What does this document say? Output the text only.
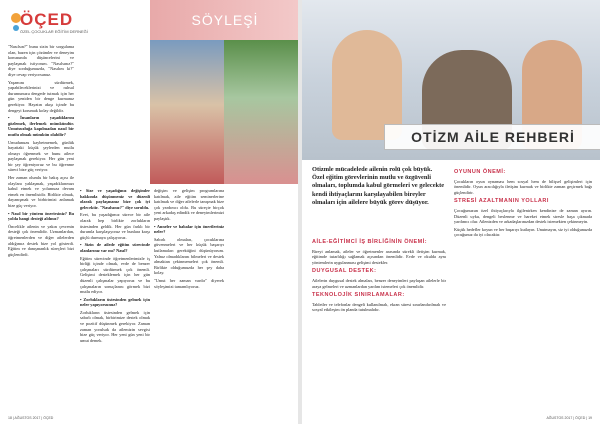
ÖÇED
ÖZEL ÇOCUKLAR EĞİTİM DERNEĞİ
SÖYLEŞİ

"Nasılsın?" bunu sizin bir sorgulama olan, bazen için çözümler ve deneyim konusunda düşüncelerini ve paylaşmak istiyorum. "Nasılsınız?" diye sorduğumuzda, "Nasılım ki?" diye cevap veriyorsunuz.

Yaşamını sürdürmek, yapabileceklerinizi ve ruhsal durumunuzu dengede tutmak için her gün yeniden bir denge kurmanız gerekiyor. Hayatın akışı içinde bu dengeyi korumak kolay değildir.

• İnsanların yaşadıklarını gözlemek, ilerlemek mümkündür. Umutsuzluğa kapılmadan nasıl bir mutlu olmak mümkün olabilir?

Umudunuzu kaybetmemek, günlük hayattaki küçük şeylerden mutlu olmayı öğrenmek ve bunu ailece paylaşmak gerekiyor. Her gün yeni bir şey öğreniyoruz ve bu öğrenme süreci bize güç veriyor.

Her zaman olumlu bir bakış açısı ile olaylara yaklaşmak, yaşadıklarımızı kabul etmek ve yolumuza devam etmek en önemlisidir. Birlikte olmak, dayanışmak ve birbirimizi anlamak bize güç veriyor.

• Nasıl bir yöntem önerirsiniz? Bu yolda hangi desteği aldınız?

Öncelikle ailenin ve yakın çevrenin desteği çok önemlidir. Uzmanlardan, öğretmenlerden ve diğer ailelerden aldığımız destek bize yol gösterdi. Eğitim ve danışmanlık süreçleri bizi güçlendirdi.

• Size ve yaşadığınız değişimler hakkında düşünmeniz ve düzenli olarak paylaşmanız bize çok iyi gelecektir. "Nasılsınız?" diye soruldu.

Evet, bu yaşadığımız sürece bir aile olarak hep birlikte zorlukların üstesinden geldik. Her gün farklı bir durumla karşılaşıyoruz ve bunlara karşı güçlü durmaya çalışıyoruz.

• Sizin de ailede eğitim sürecinde olanlarınız var mı? Nasıl?

Eğitim sürecinde öğretmenlerimizle iş birliği içinde olmak, evde de benzer çalışmaları sürdürmek çok önemli. Gelişimi desteklemek için her gün düzenli çalışmalar yapıyoruz ve bu çalışmaların sonuçlarını görmek bizi mutlu ediyor.

• Zorlukların üstesinden gelmek için neler yapıyorsunuz?

Zorlukların üstesinden gelmek için sabırlı olmak, birbirimize destek olmak ve pozitif düşünmek gerekiyor. Zaman zaman yorulsak da ailemizin sevgisi bize güç veriyor. Her yeni gün yeni bir umut demek.

değişim ve gelişim programlarına katılmak, aile eğitim seminerlerine katılmak ve diğer ailelerle tanışmak bize çok yardımcı oldu. Bu süreçte birçok yeni arkadaş edindik ve deneyimlerimizi paylaştık.

• Anneler ve babalar için önerileriniz neler?

Sabırlı olmaları, çocuklarına güvenmeleri ve her küçük başarıyı kutlamaları gerektiğini düşünüyorum. Yalnız olmadıklarını bilmeleri ve destek almaktan çekinmemeleri çok önemli. Birlikte olduğumuzda her şey daha kolay.

"Umut her zaman vardır" diyerek söyleşimizi tamamlıyoruz.

18 | AĞUSTOS 2017 | ÖÇED
OTİZM AİLE REHBERİ
Otizmle mücadelede ailenin rolü çok büyük. Özel eğitim görevlerinin mutlu ve özgüvenli olmaları, toplumda kabul görmeleri ve gelecekte kendi ihtiyaçlarını karşılayabilen bireyler olmaları için ailelere büyük görev düşüyor.
AİLE-EĞİTİMCİ İŞ BİRLİĞİNİN ÖNEMİ:

Bireyi anlamak, aileler ve öğretmenler arasında sürekli iletişim kurmak, eğitimde tutarlılığı sağlamak açısından önemlidir. Evde ve okulda aynı yöntemlerin uygulanması gelişimi destekler.

DUYGUSAL DESTEK:

Ailelerin duygusal destek almaları, benzer deneyimleri paylaşan ailelerle bir araya gelmeleri ve uzmanlardan yardım istemeleri çok önemlidir.

TEKNOLOJİK SINIRLAMALAR:

Tabletler ve telefonlar dengeli kullanılmalı, ekran süresi sınırlandırılmalı ve sosyal etkileşim ön planda tutulmalıdır.

OYUNUN ÖNEMİ:

Çocukların oyun oynaması hem sosyal hem de bilişsel gelişimleri için önemlidir. Oyun aracılığıyla iletişim kurmak ve birlikte zaman geçirmek bağı güçlendirir.

STRESİ AZALTMANIN YOLLARI

Çocuğunuzun özel ihtiyaçlarıyla ilgilenirken kendinize de zaman ayırın. Düzenli uyku, dengeli beslenme ve hareket etmek stresle başa çıkmada yardımcı olur. Ailenizden ve arkadaşlarınızdan destek istemekten çekinmeyin.

Küçük hedefler koyun ve her başarıyı kutlayın. Unutmayın, siz iyi olduğunuzda çocuğunuz da iyi olacaktır.

AĞUSTOS 2017 | ÖÇED | 19
